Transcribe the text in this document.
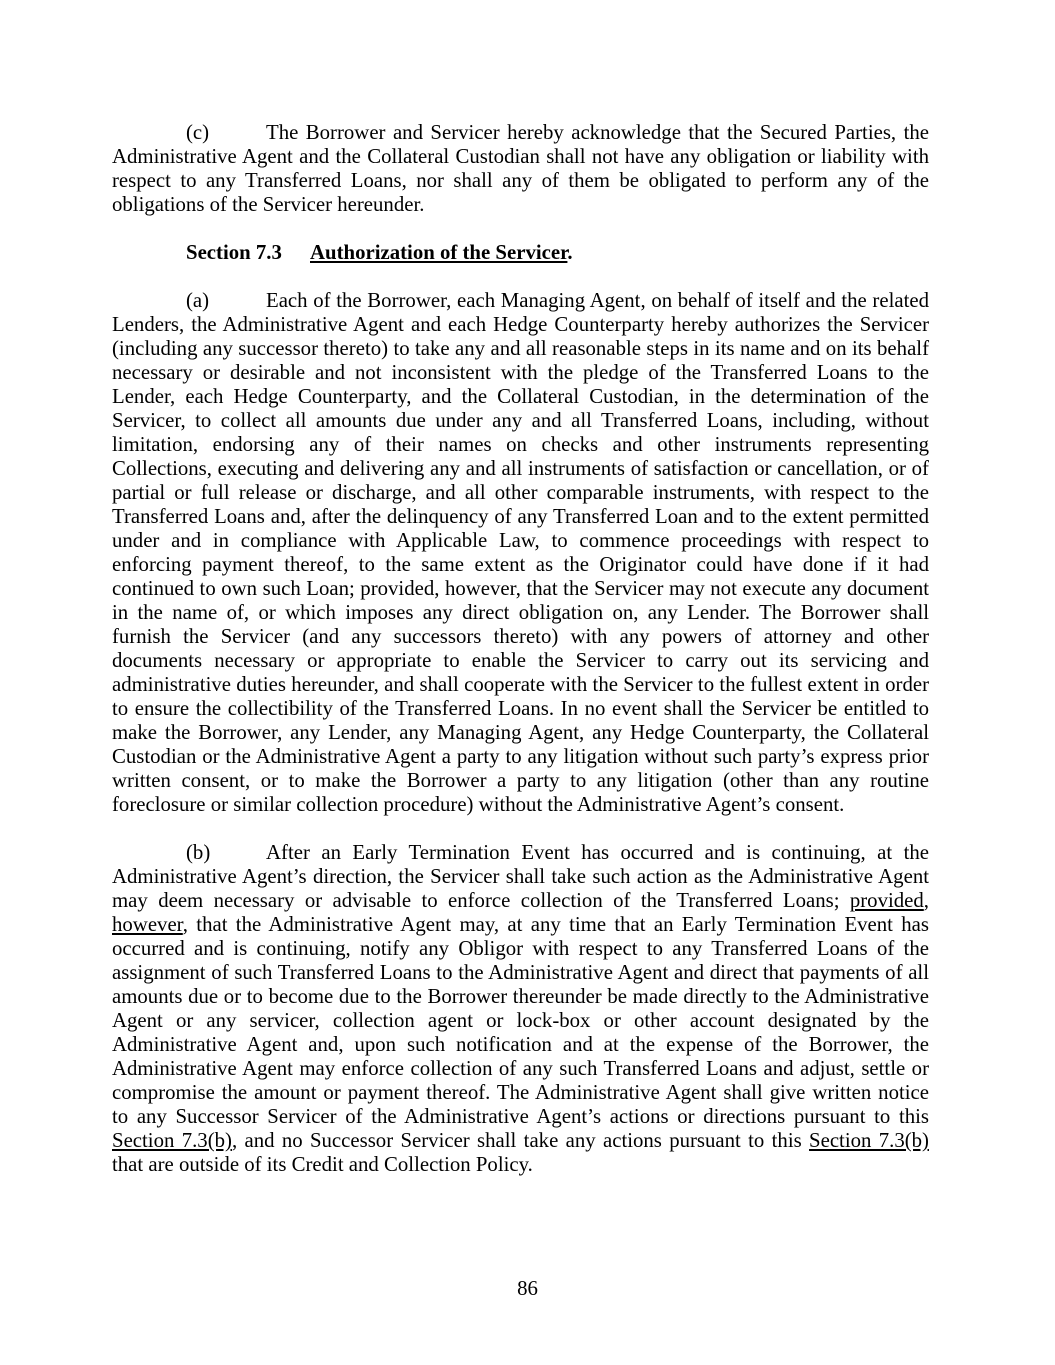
(c)	The Borrower and Servicer hereby acknowledge that the Secured Parties, the Administrative Agent and the Collateral Custodian shall not have any obligation or liability with respect to any Transferred Loans, nor shall any of them be obligated to perform any of the obligations of the Servicer hereunder.

Section 7.3 Authorization of the Servicer.

(a)	Each of the Borrower, each Managing Agent, on behalf of itself and the related Lenders, the Administrative Agent and each Hedge Counterparty hereby authorizes the Servicer (including any successor thereto) to take any and all reasonable steps in its name and on its behalf necessary or desirable and not inconsistent with the pledge of the Transferred Loans to the Lender, each Hedge Counterparty, and the Collateral Custodian, in the determination of the Servicer, to collect all amounts due under any and all Transferred Loans, including, without limitation, endorsing any of their names on checks and other instruments representing Collections, executing and delivering any and all instruments of satisfaction or cancellation, or of partial or full release or discharge, and all other comparable instruments, with respect to the Transferred Loans and, after the delinquency of any Transferred Loan and to the extent permitted under and in compliance with Applicable Law, to commence proceedings with respect to enforcing payment thereof, to the same extent as the Originator could have done if it had continued to own such Loan; provided, however, that the Servicer may not execute any document in the name of, or which imposes any direct obligation on, any Lender. The Borrower shall furnish the Servicer (and any successors thereto) with any powers of attorney and other documents necessary or appropriate to enable the Servicer to carry out its servicing and administrative duties hereunder, and shall cooperate with the Servicer to the fullest extent in order to ensure the collectibility of the Transferred Loans. In no event shall the Servicer be entitled to make the Borrower, any Lender, any Managing Agent, any Hedge Counterparty, the Collateral Custodian or the Administrative Agent a party to any litigation without such party’s express prior written consent, or to make the Borrower a party to any litigation (other than any routine foreclosure or similar collection procedure) without the Administrative Agent’s consent.

(b)	After an Early Termination Event has occurred and is continuing, at the Administrative Agent’s direction, the Servicer shall take such action as the Administrative Agent may deem necessary or advisable to enforce collection of the Transferred Loans; provided, however, that the Administrative Agent may, at any time that an Early Termination Event has occurred and is continuing, notify any Obligor with respect to any Transferred Loans of the assignment of such Transferred Loans to the Administrative Agent and direct that payments of all amounts due or to become due to the Borrower thereunder be made directly to the Administrative Agent or any servicer, collection agent or lock-box or other account designated by the Administrative Agent and, upon such notification and at the expense of the Borrower, the Administrative Agent may enforce collection of any such Transferred Loans and adjust, settle or compromise the amount or payment thereof. The Administrative Agent shall give written notice to any Successor Servicer of the Administrative Agent’s actions or directions pursuant to this Section 7.3(b), and no Successor Servicer shall take any actions pursuant to this Section 7.3(b) that are outside of its Credit and Collection Policy.

86
